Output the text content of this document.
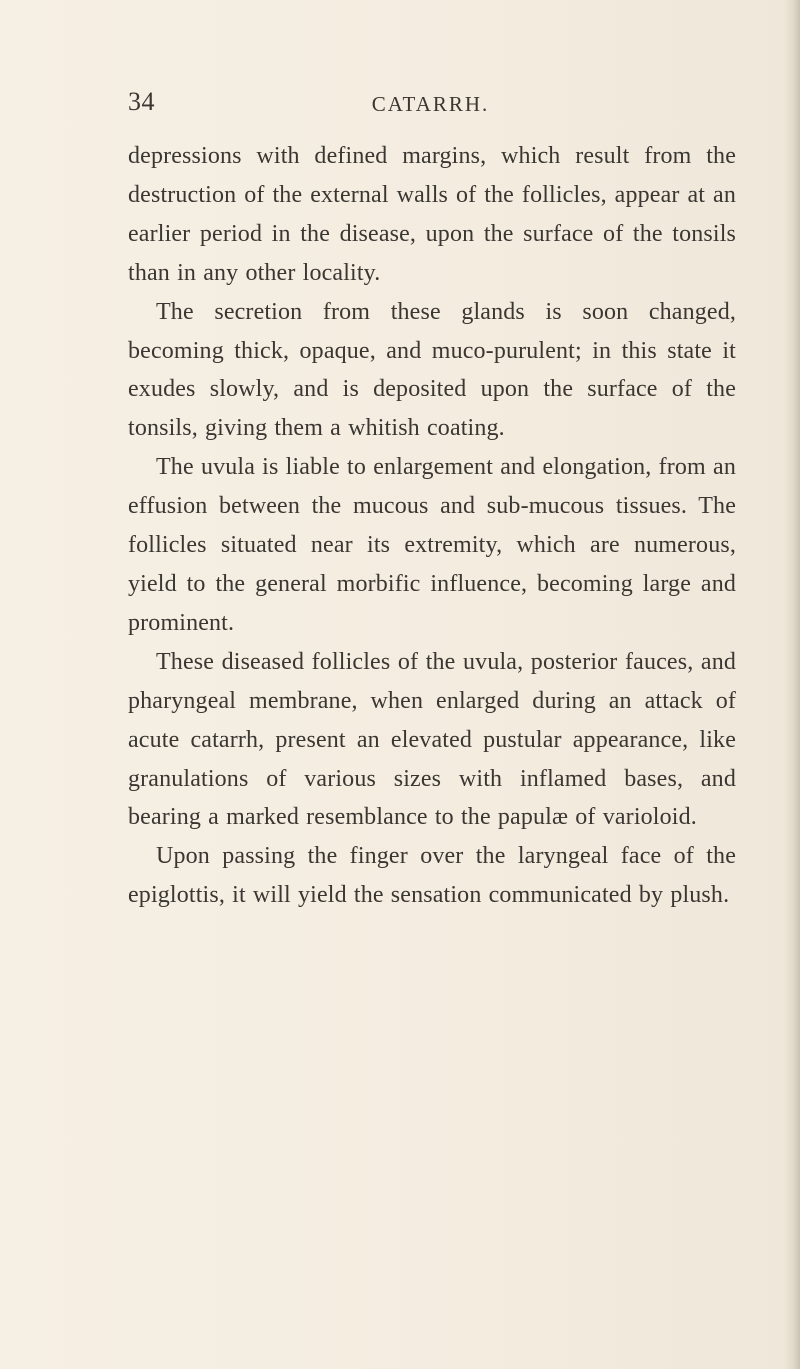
34	CATARRH.

depressions with defined margins, which result from the destruction of the external walls of the follicles, appear at an earlier period in the disease, upon the surface of the tonsils than in any other locality.

The secretion from these glands is soon changed, becoming thick, opaque, and muco-purulent; in this state it exudes slowly, and is deposited upon the surface of the tonsils, giving them a whitish coating.

The uvula is liable to enlargement and elongation, from an effusion between the mucous and sub-mucous tissues. The follicles situated near its extremity, which are numerous, yield to the general morbific influence, becoming large and prominent.

These diseased follicles of the uvula, posterior fauces, and pharyngeal membrane, when enlarged during an attack of acute catarrh, present an elevated pustular appearance, like granulations of various sizes with inflamed bases, and bearing a marked resemblance to the papulæ of varioloid.

Upon passing the finger over the laryngeal face of the epiglottis, it will yield the sensation communicated by plush.
